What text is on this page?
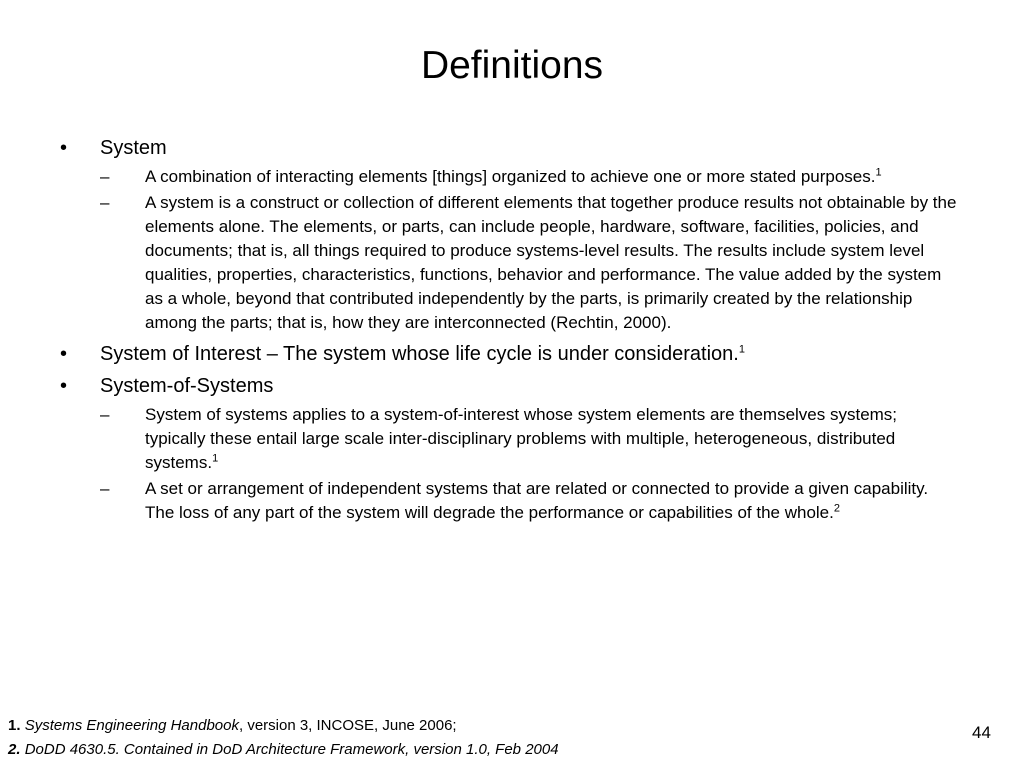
Definitions
• System
– A combination of interacting elements [things] organized to achieve one or more stated purposes.$^1$
– A system is a construct or collection of different elements that together produce results not obtainable by the elements alone. The elements, or parts, can include people, hardware, software, facilities, policies, and documents; that is, all things required to produce systems-level results. The results include system level qualities, properties, characteristics, functions, behavior and performance. The value added by the system as a whole, beyond that contributed independently by the parts, is primarily created by the relationship among the parts; that is, how they are interconnected (Rechtin, 2000).
• System of Interest – The system whose life cycle is under consideration.$^1$
• System-of-Systems
– System of systems applies to a system-of-interest whose system elements are themselves systems; typically these entail large scale inter-disciplinary problems with multiple, heterogeneous, distributed systems.$^1$
– A set or arrangement of independent systems that are related or connected to provide a given capability. The loss of any part of the system will degrade the performance or capabilities of the whole.$^2$
1. Systems Engineering Handbook, version 3, INCOSE, June 2006;
2. DoDD 4630.5. Contained in DoD Architecture Framework, version 1.0, Feb 2004
44
